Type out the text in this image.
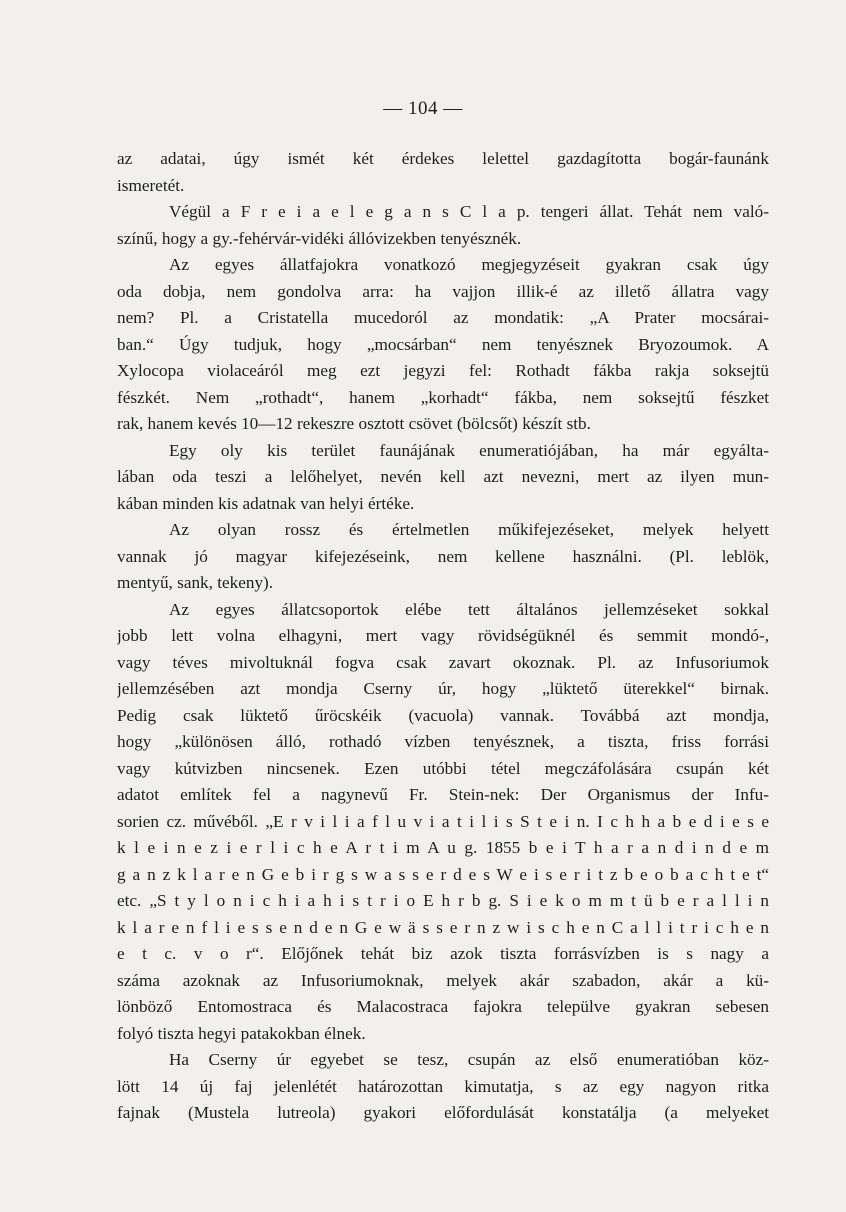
— 104 —
az adatai, úgy ismét két érdekes lelettel gazdagította bogár-faunánk
ismeretét.
Végül a F r e i a e l e g a n s C l a p. tengeri állat. Tehát nem való-
színű, hogy a gy.-fehérvár-vidéki állóvizekben tenyésznék.
Az egyes állatfajokra vonatkozó megjegyzéseit gyakran csak úgy
oda dobja, nem gondolva arra: ha vajjon illik-é az illető állatra vagy
nem? Pl. a Cristatella mucedoról az mondatik: „A Prater mocsárai-
ban.“ Úgy tudjuk, hogy „mocsárban“ nem tenyésznek Bryozoumok. A
Xylocopa violaceáról meg ezt jegyzi fel: Rothadt fákba rakja soksejtü
fészkét. Nem „rothadt“, hanem „korhadt“ fákba, nem soksejtű fészket
rak, hanem kevés 10—12 rekeszre osztott csövet (bölcsőt) készít stb.
Egy oly kis terület faunájának enumeratiójában, ha már egyálta-
lában oda teszi a lelőhelyet, nevén kell azt nevezni, mert az ilyen mun-
kában minden kis adatnak van helyi értéke.
Az olyan rossz és értelmetlen műkifejezéseket, melyek helyett
vannak jó magyar kifejezéseink, nem kellene használni. (Pl. leblök,
mentyű, sank, tekeny).
Az egyes állatcsoportok elébe tett általános jellemzéseket sokkal
jobb lett volna elhagyni, mert vagy rövidségüknél és semmit mondó-,
vagy téves mivoltuknál fogva csak zavart okoznak. Pl. az Infusoriumok
jellemzésében azt mondja Cserny úr, hogy „lüktető üterekkel“ birnak.
Pedig csak lüktető űröcskéik (vacuola) vannak. Továbbá azt mondja,
hogy „különösen álló, rothadó vízben tenyésznek, a tiszta, friss forrási
vagy kútvizben nincsenek. Ezen utóbbi tétel megczáfolására csupán két
adatot említek fel a nagynevű Fr. Stein-nek: Der Organismus der Infu-
sorien cz. művéből. „E r v i l i a f l u v i a t i l i s S t e i n. I c h h a b e d i e s e
k l e i n e z i e r l i c h e A r t i m A u g. 1855 b e i T h a r a n d i n d e m
g a n z k l a r e n G e b i r g s w a s s e r d e s W e i s e r i t z b e o b a c h t e t“
etc. „S t y l o n i c h i a h i s t r i o E h r b g. S i e k o m m t ü b e r a l l i n
k l a r e n f l i e s s e n d e n G e w ä s s e r n z w i s c h e n C a l l i t r i c h e n
e t c. v o r“. Előjőnek tehát biz azok tiszta forrásvízben is s nagy a
száma azoknak az Infusoriumoknak, melyek akár szabadon, akár a kü-
lönböző Entomostraca és Malacostraca fajokra települve gyakran sebesen
folyó tiszta hegyi patakokban élnek.
Ha Cserny úr egyebet se tesz, csupán az első enumeratióban köz-
lött 14 új faj jelenlétét határozottan kimutatja, s az egy nagyon ritka
fajnak (Mustela lutreola) gyakori előfordulását konstatálja (a melyeket
